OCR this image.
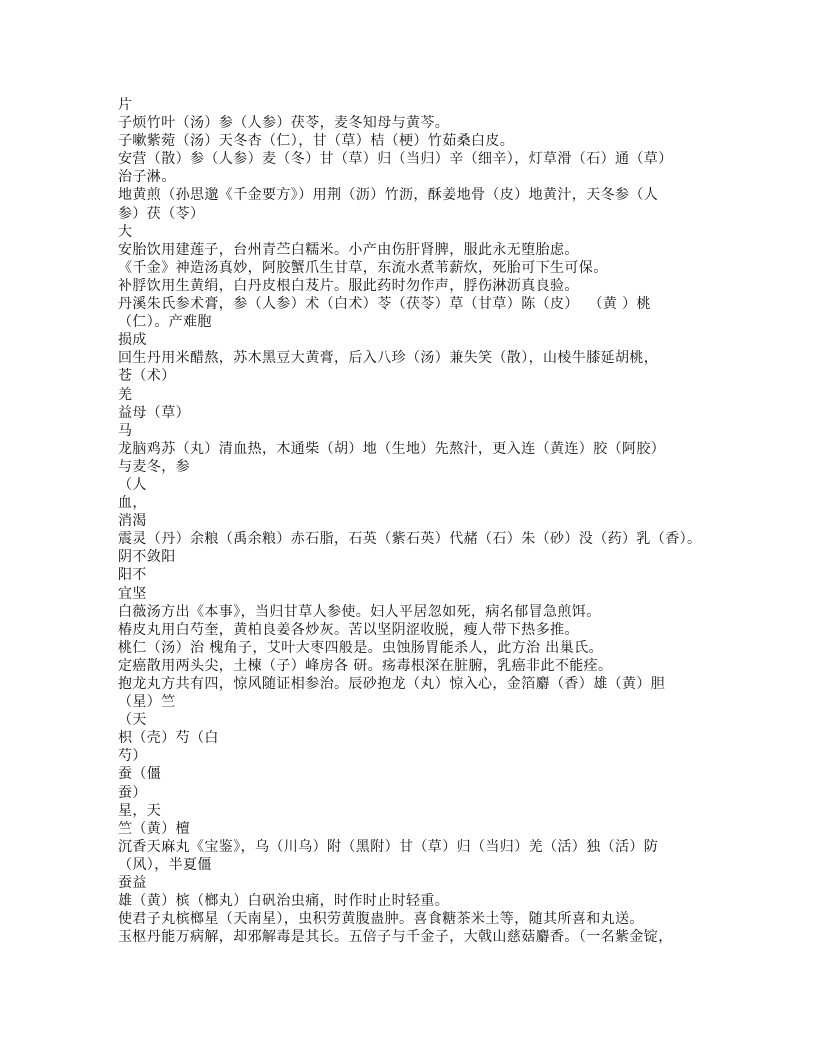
片
子烦竹叶（汤）参（人参）茯苓，麦冬知母与黄芩。
子嗽紫菀（汤）天冬杏（仁），甘（草）桔（梗）竹茹桑白皮。
安营（散）参（人参）麦（冬）甘（草）归（当归）辛（细辛），灯草滑（石）通（草）
治子淋。
地黄煎（孙思邈《千金要方》）用荆（沥）竹沥，酥姜地骨（皮）地黄汁，天冬参（人
参）茯（苓）
大
安胎饮用建莲子，台州青苎白糯米。小产由伤肝肾脾，服此永无堕胎虑。
《千金》神造汤真妙，阿胶蟹爪生甘草，东流水煮苇薪炊，死胎可下生可保。
补脬饮用生黄绢，白丹皮根白芨片。服此药时勿作声，脬伤淋沥真良验。
丹溪朱氏参术膏，参（人参）术（白术）苓（茯苓）草（甘草）陈（皮）  （黄 ）桃
（仁）。产难胞
损成
回生丹用米醋熬，苏木黑豆大黄膏，后入八珍（汤）兼失笑（散），山棱牛膝延胡桃，
苍（术）
羌
益母（草）
马
龙脑鸡苏（丸）清血热，木通柴（胡）地（生地）先熬汁，更入连（黄连）胶（阿胶）
与麦冬，参
（人
血，
消渴
震灵（丹）余粮（禹余粮）赤石脂，石英（紫石英）代赭（石）朱（砂）没（药）乳（香）。
阴不敛阳
阳不
宜坚
白薇汤方出《本事》，当归甘草人参使。妇人平居忽如死，病名郁冒急煎饵。
椿皮丸用白芍奎，黄柏良姜各炒灰。苦以坚阴涩收脱，瘦人带下热多推。
桃仁（汤）治 槐角子，艾叶大枣四般是。虫蚀肠胃能杀人，此方治 出巢氏。
定癌散用两头尖，土楝（子）峰房各 研。疡毒根深在脏腑，乳癌非此不能痊。
抱龙丸方共有四，惊风随证相参治。辰砂抱龙（丸）惊入心，金箔麝（香）雄（黄）胆
（星）竺
（天
枳（壳）芍（白
芍）
蚕（僵
蚕）
星，天
竺（黄）檀
沉香天麻丸《宝鉴》，乌（川乌）附（黑附）甘（草）归（当归）羌（活）独（活）防
（风），半夏僵
蚕益
雄（黄）槟（榔丸）白矾治虫痛，时作时止时轻重。
使君子丸槟榔星（天南星），虫积劳黄腹蛊肿。喜食糖茶米土等，随其所喜和丸送。
玉枢丹能万病解，却邪解毒是其长。五倍子与千金子，大戟山慈菇麝香。（一名紫金锭，
